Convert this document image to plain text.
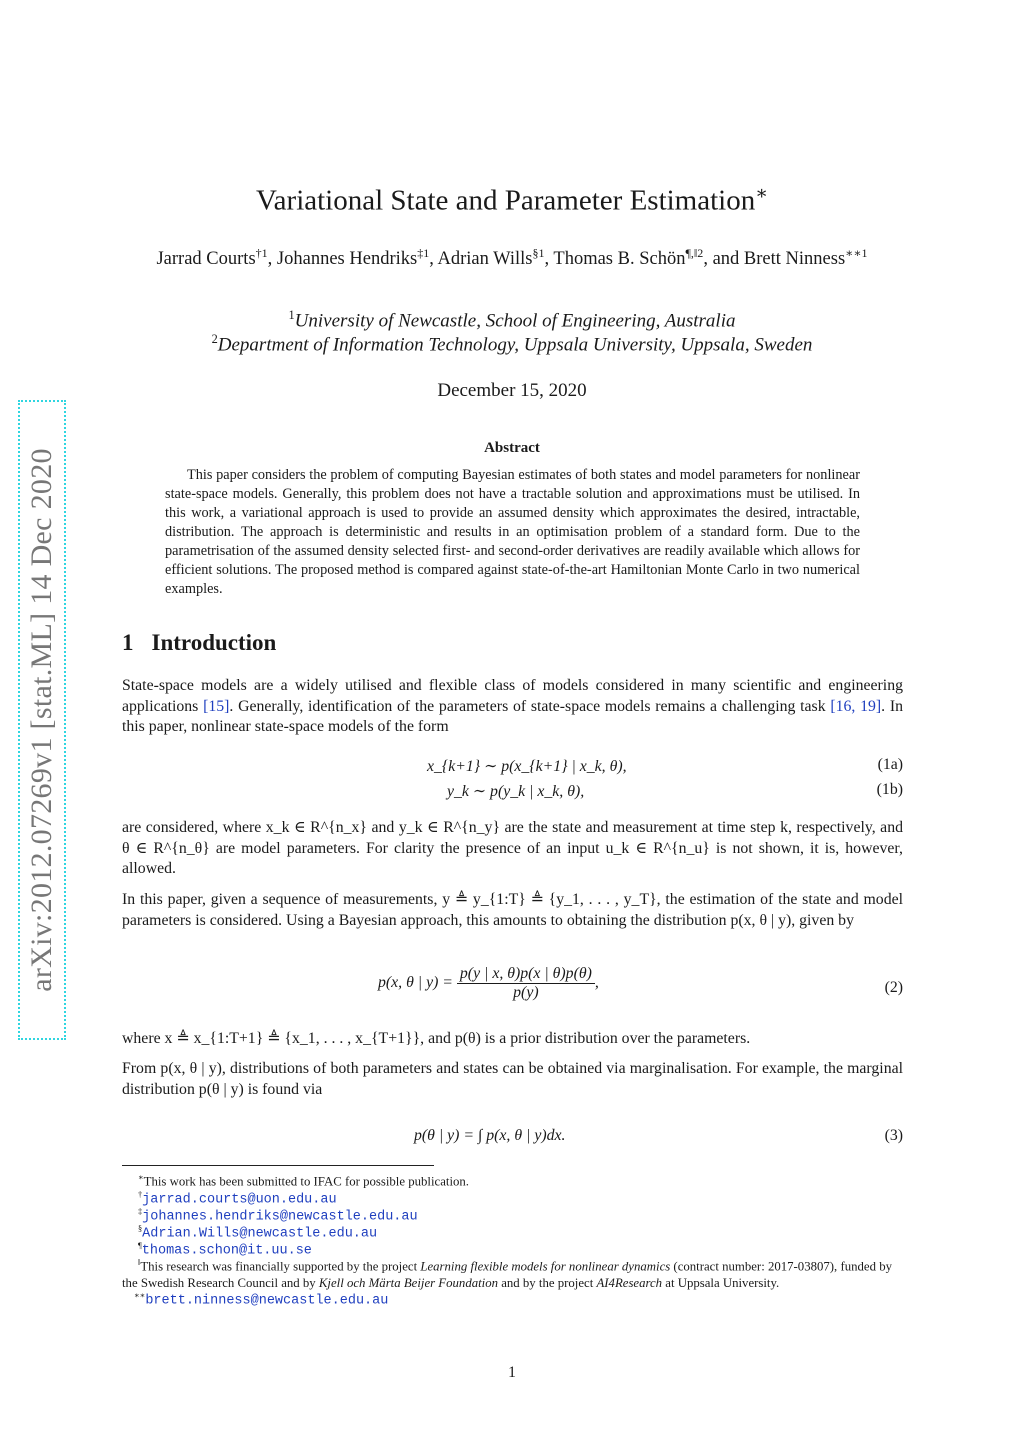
arXiv:2012.07269v1 [stat.ML] 14 Dec 2020
Variational State and Parameter Estimation∗
Jarrad Courts$^{\dagger 1}$, Johannes Hendriks$^{\ddagger 1}$, Adrian Wills$^{\S 1}$, Thomas B. Schön$^{\P,‖2}$, and Brett Ninness$^{∗∗1}$
$^1$University of Newcastle, School of Engineering, Australia
$^2$Department of Information Technology, Uppsala University, Uppsala, Sweden
December 15, 2020
Abstract
This paper considers the problem of computing Bayesian estimates of both states and model parameters for nonlinear state-space models. Generally, this problem does not have a tractable solution and approximations must be utilised. In this work, a variational approach is used to provide an assumed density which approximates the desired, intractable, distribution. The approach is deterministic and results in an optimisation problem of a standard form. Due to the parametrisation of the assumed density selected first- and second-order derivatives are readily available which allows for efficient solutions. The proposed method is compared against state-of-the-art Hamiltonian Monte Carlo in two numerical examples.
1 Introduction
State-space models are a widely utilised and flexible class of models considered in many scientific and engineering applications [15]. Generally, identification of the parameters of state-space models remains a challenging task [16, 19]. In this paper, nonlinear state-space models of the form
x_{k+1} ∼ p(x_{k+1} | x_k, θ),	(1a)
y_k ∼ p(y_k | x_k, θ),	(1b)
are considered, where x_k ∈ R^{n_x} and y_k ∈ R^{n_y} are the state and measurement at time step k, respectively, and θ ∈ R^{n_θ} are model parameters. For clarity the presence of an input u_k ∈ R^{n_u} is not shown, it is, however, allowed.
In this paper, given a sequence of measurements, y ≜ y_{1:T} ≜ {y_1, . . . , y_T}, the estimation of the state and model parameters is considered. Using a Bayesian approach, this amounts to obtaining the distribution p(x, θ | y), given by
p(x, θ | $y) = \frac{p(y | x, \theta)p(x | \theta)p(\theta)}{p(y)}$ ,	(2)
where x ≜ x_{1:T+1} ≜ {x_1, . . . , x_{T+1}}, and p(θ) is a prior distribution over the parameters.
From p(x, θ | y), distributions of both parameters and states can be obtained via marginalisation. For example, the marginal distribution p(θ | y) is found via
p(θ | y) = ∫ p(x, θ | y)dx.	(3)
∗This work has been submitted to IFAC for possible publication.
†jarrad.courts@uon.edu.au
‡johannes.hendriks@newcastle.edu.au
§Adrian.Wills@newcastle.edu.au
¶thomas.schon@it.uu.se
‖This research was financially supported by the project Learning flexible models for nonlinear dynamics (contract number: 2017-03807), funded by the Swedish Research Council and by Kjell och Märta Beijer Foundation and by the project AI4Research at Uppsala University.
∗∗brett.ninness@newcastle.edu.au
1
